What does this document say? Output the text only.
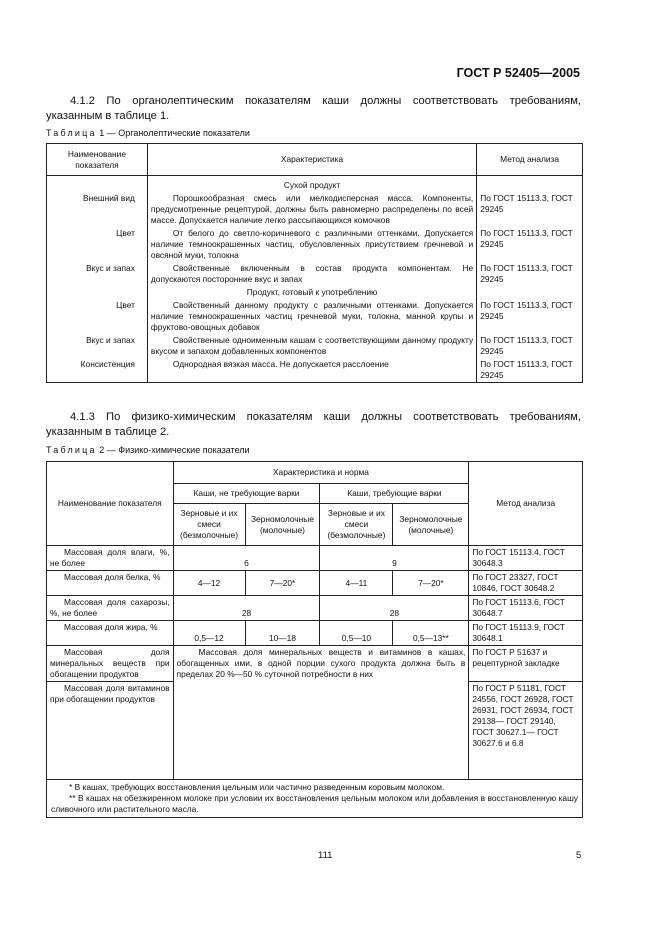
ГОСТ Р 52405—2005
4.1.2 По органолептическим показателям каши должны соответствовать требованиям, указанным в таблице 1.
Таблица 1 — Органолептические показатели
Наименование показателя	Характеристика	Метод анализа
	Сухой продукт	
Внешний вид	Порошкообразная смесь или мелкодисперсная масса. Компоненты, предусмотренные рецептурой, должны быть равномерно распределены по всей массе. Допускается наличие легко рассыпающихся комочков	По ГОСТ 15113.3, ГОСТ 29245
Цвет	От белого до светло-коричневого с различными оттенками. Допускается наличие темноокрашенных частиц, обусловленных присутствием гречневой и овсяной муки, толокна	По ГОСТ 15113.3, ГОСТ 29245
Вкус и запах	Свойственные включенным в состав продукта компонентам. Не допускаются посторонние вкус и запах	По ГОСТ 15113.3, ГОСТ 29245
	Продукт, готовый к употреблению	
Цвет	Свойственный данному продукту с различными оттенками. Допускается наличие темноокрашенных частиц гречневой муки, толокна, манной крупы и фруктово-овощных добавок	По ГОСТ 15113.3, ГОСТ 29245
Вкус и запах	Свойственные одноименным кашам с соответствующими данному продукту вкусом и запахом добавленных компонентов	По ГОСТ 15113.3, ГОСТ 29245
Консистенция	Однородная вязкая масса. Не допускается расслоение	По ГОСТ 15113.3, ГОСТ 29245
4.1.3 По физико-химическим показателям каши должны соответствовать требованиям, указанным в таблице 2.
Таблица 2 — Физико-химические показатели
Наименование показателя	Характеристика и норма				Метод анализа
	Каши, не требующие варки		Каши, требующие варки		
	Зерновые и их смеси (безмолочные)	Зерномолочные (молочные)	Зерновые и их смеси (безмолочные)	Зерномолочные (молочные)	
Массовая доля влаги, %, не более	6		9		По ГОСТ 15113.4, ГОСТ 30648.3
Массовая доля белка, %	4—12	7—20*	4—11	7—20*	По ГОСТ 23327, ГОСТ 10846, ГОСТ 30648.2
Массовая доля сахарозы, %, не более	28		28		По ГОСТ 15113.6, ГОСТ 30648.7
Массовая доля жира, %	0,5—12	10—18	0,5—10	0,5—13**	По ГОСТ 15113.9, ГОСТ 30648.1
Массовая доля минеральных веществ при обогащении продуктов	Массовая доля минеральных веществ и витаминов в кашах, обогащенных ими, в одной порции сухого продукта должна быть в пределах 20 %—50 % суточной потребности в них				По ГОСТ Р 51637 и рецептурной закладке
Массовая доля витаминов при обогащении продуктов					По ГОСТ Р 51181, ГОСТ 24556, ГОСТ 26928, ГОСТ 26931, ГОСТ 26934, ГОСТ 29138— ГОСТ 29140, ГОСТ 30627.1— ГОСТ 30627.6 и 6.8

* В кашах, требующих восстановления цельным или частично разведенным коровьим молоком.
** В кашах на обезжиренном молоке при условии их восстановления цельным молоком или добавления в восстановленную кашу сливочного или растительного масла.					
111	5
